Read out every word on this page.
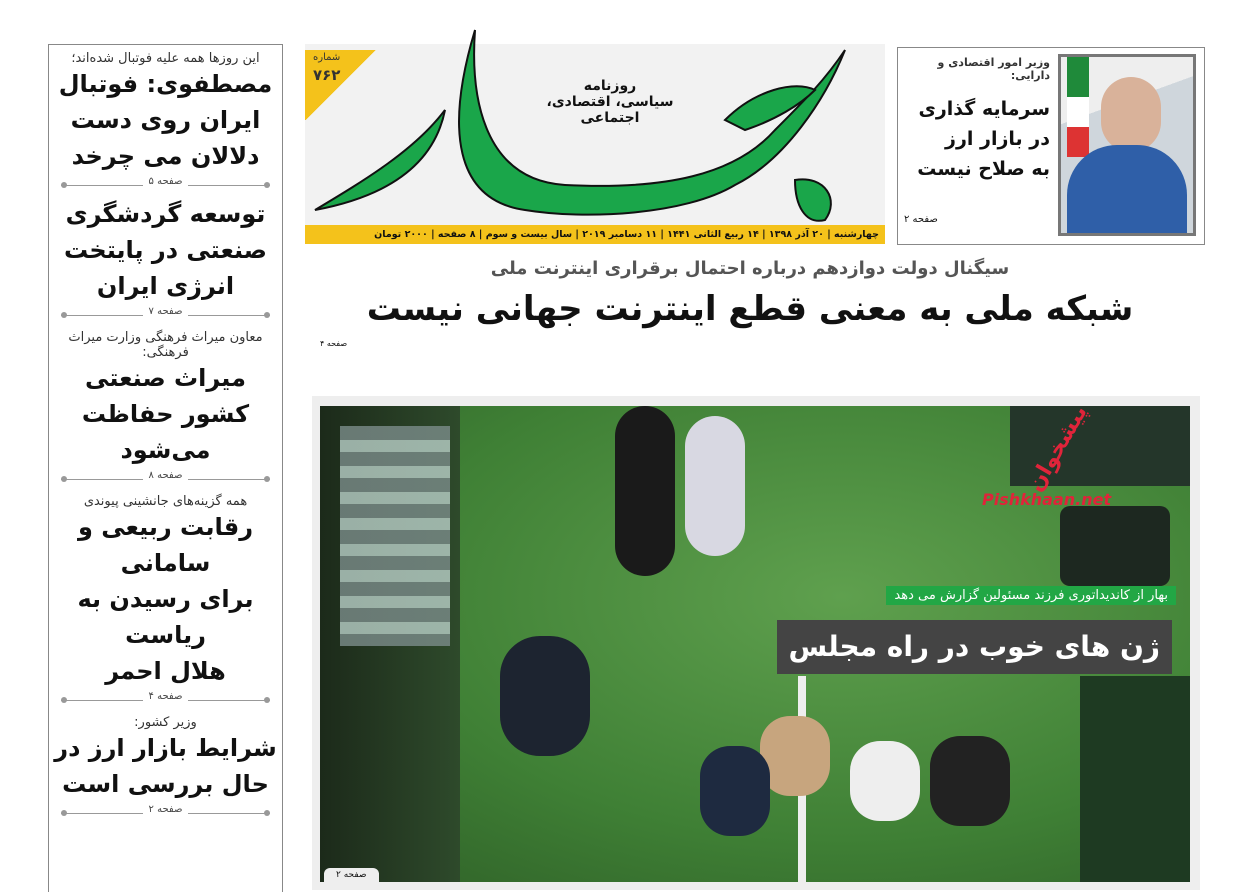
این روزها همه علیه فوتبال شده‌اند؛
مصطفوی: فوتبال
ایران روی دست
دلالان می چرخد
صفحه ۵
توسعه گردشگری
صنعتی در پایتخت
انرژی ایران
صفحه ۷
معاون میراث فرهنگی وزارت میراث فرهنگی:
میراث صنعتی
کشور حفاظت
می‌شود
صفحه ۸
همه گزینه‌های جانشینی پیوندی
رقابت ربیعی و سامانی
برای رسیدن به ریاست
هلال احمر
صفحه ۴
وزیر کشور:
شرایط بازار ارز در
حال بررسی است
صفحه ۲
شماره
۷۶۲
روزنامه
سیاسی، اقتصادی، اجتماعی
چهارشنبه | ۲۰ آذر ۱۳۹۸ | ۱۴ ربیع الثانی ۱۴۴۱ | ۱۱ دسامبر ۲۰۱۹ | سال بیست و سوم | ۸ صفحه | ۲۰۰۰ تومان
وزیر امور اقتصادی و دارایی:
سرمایه گذاری
در بازار ارز
به صلاح نیست
صفحه ۲
سیگنال دولت دوازدهم درباره احتمال برقراری اینترنت ملی
شبکه ملی به معنی قطع اینترنت جهانی نیست
صفحه ۴
پیشخوان
Pishkhaan.net
بهار از کاندیداتوری فرزند مسئولین گزارش می دهد
ژن های خوب در راه مجلس
صفحه ۲
